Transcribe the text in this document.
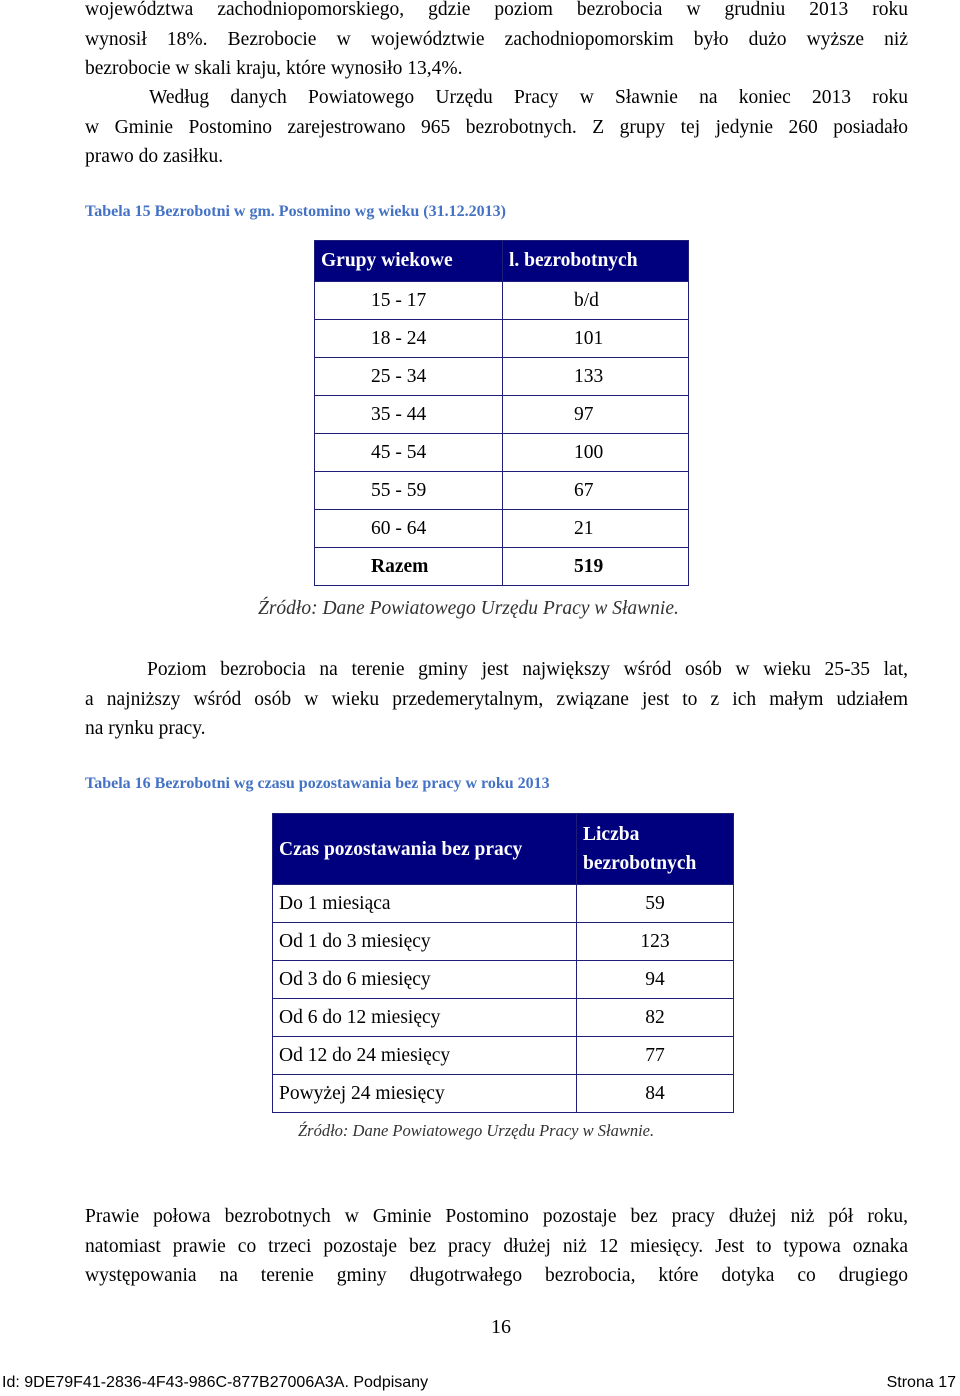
województwa zachodniopomorskiego, gdzie poziom bezrobocia w grudniu 2013 roku
wynosił 18%. Bezrobocie w województwie zachodniopomorskim było dużo wyższe niż
bezrobocie w skali kraju, które wynosiło 13,4%.

Według danych Powiatowego Urzędu Pracy w Sławnie na koniec 2013 roku
w Gminie Postomino zarejestrowano 965 bezrobotnych. Z grupy tej jedynie 260 posiadało
prawo do zasiłku.

Tabela 15 Bezrobotni w gm. Postomino wg wieku (31.12.2013)

Grupy wiekowe	l. bezrobotnych
15 - 17	b/d
18 - 24	101
25 - 34	133
35 - 44	97
45 - 54	100
55 - 59	67
60 - 64	21
Razem	519

Źródło: Dane Powiatowego Urzędu Pracy w Sławnie.

Poziom bezrobocia na terenie gminy jest największy wśród osób w wieku 25-35 lat,
a najniższy wśród osób w wieku przedemerytalnym, związane jest to z ich małym udziałem
na rynku pracy.

Tabela 16 Bezrobotni wg czasu pozostawania bez pracy w roku 2013

Czas pozostawania bez pracy	Liczba bezrobotnych
Do 1 miesiąca	59
Od 1 do 3 miesięcy	123
Od 3 do 6 miesięcy	94
Od 6 do 12 miesięcy	82
Od 12 do 24 miesięcy	77
Powyżej 24 miesięcy	84

Źródło: Dane Powiatowego Urzędu Pracy w Sławnie.

Prawie połowa bezrobotnych w Gminie Postomino pozostaje bez pracy dłużej niż pół roku,
natomiast prawie co trzeci pozostaje bez pracy dłużej niż 12 miesięcy. Jest to typowa oznaka
występowania na terenie gminy długotrwałego bezrobocia, które dotyka co drugiego

16

Id: 9DE79F41-2836-4F43-986C-877B27006A3A. Podpisany	Strona 17
